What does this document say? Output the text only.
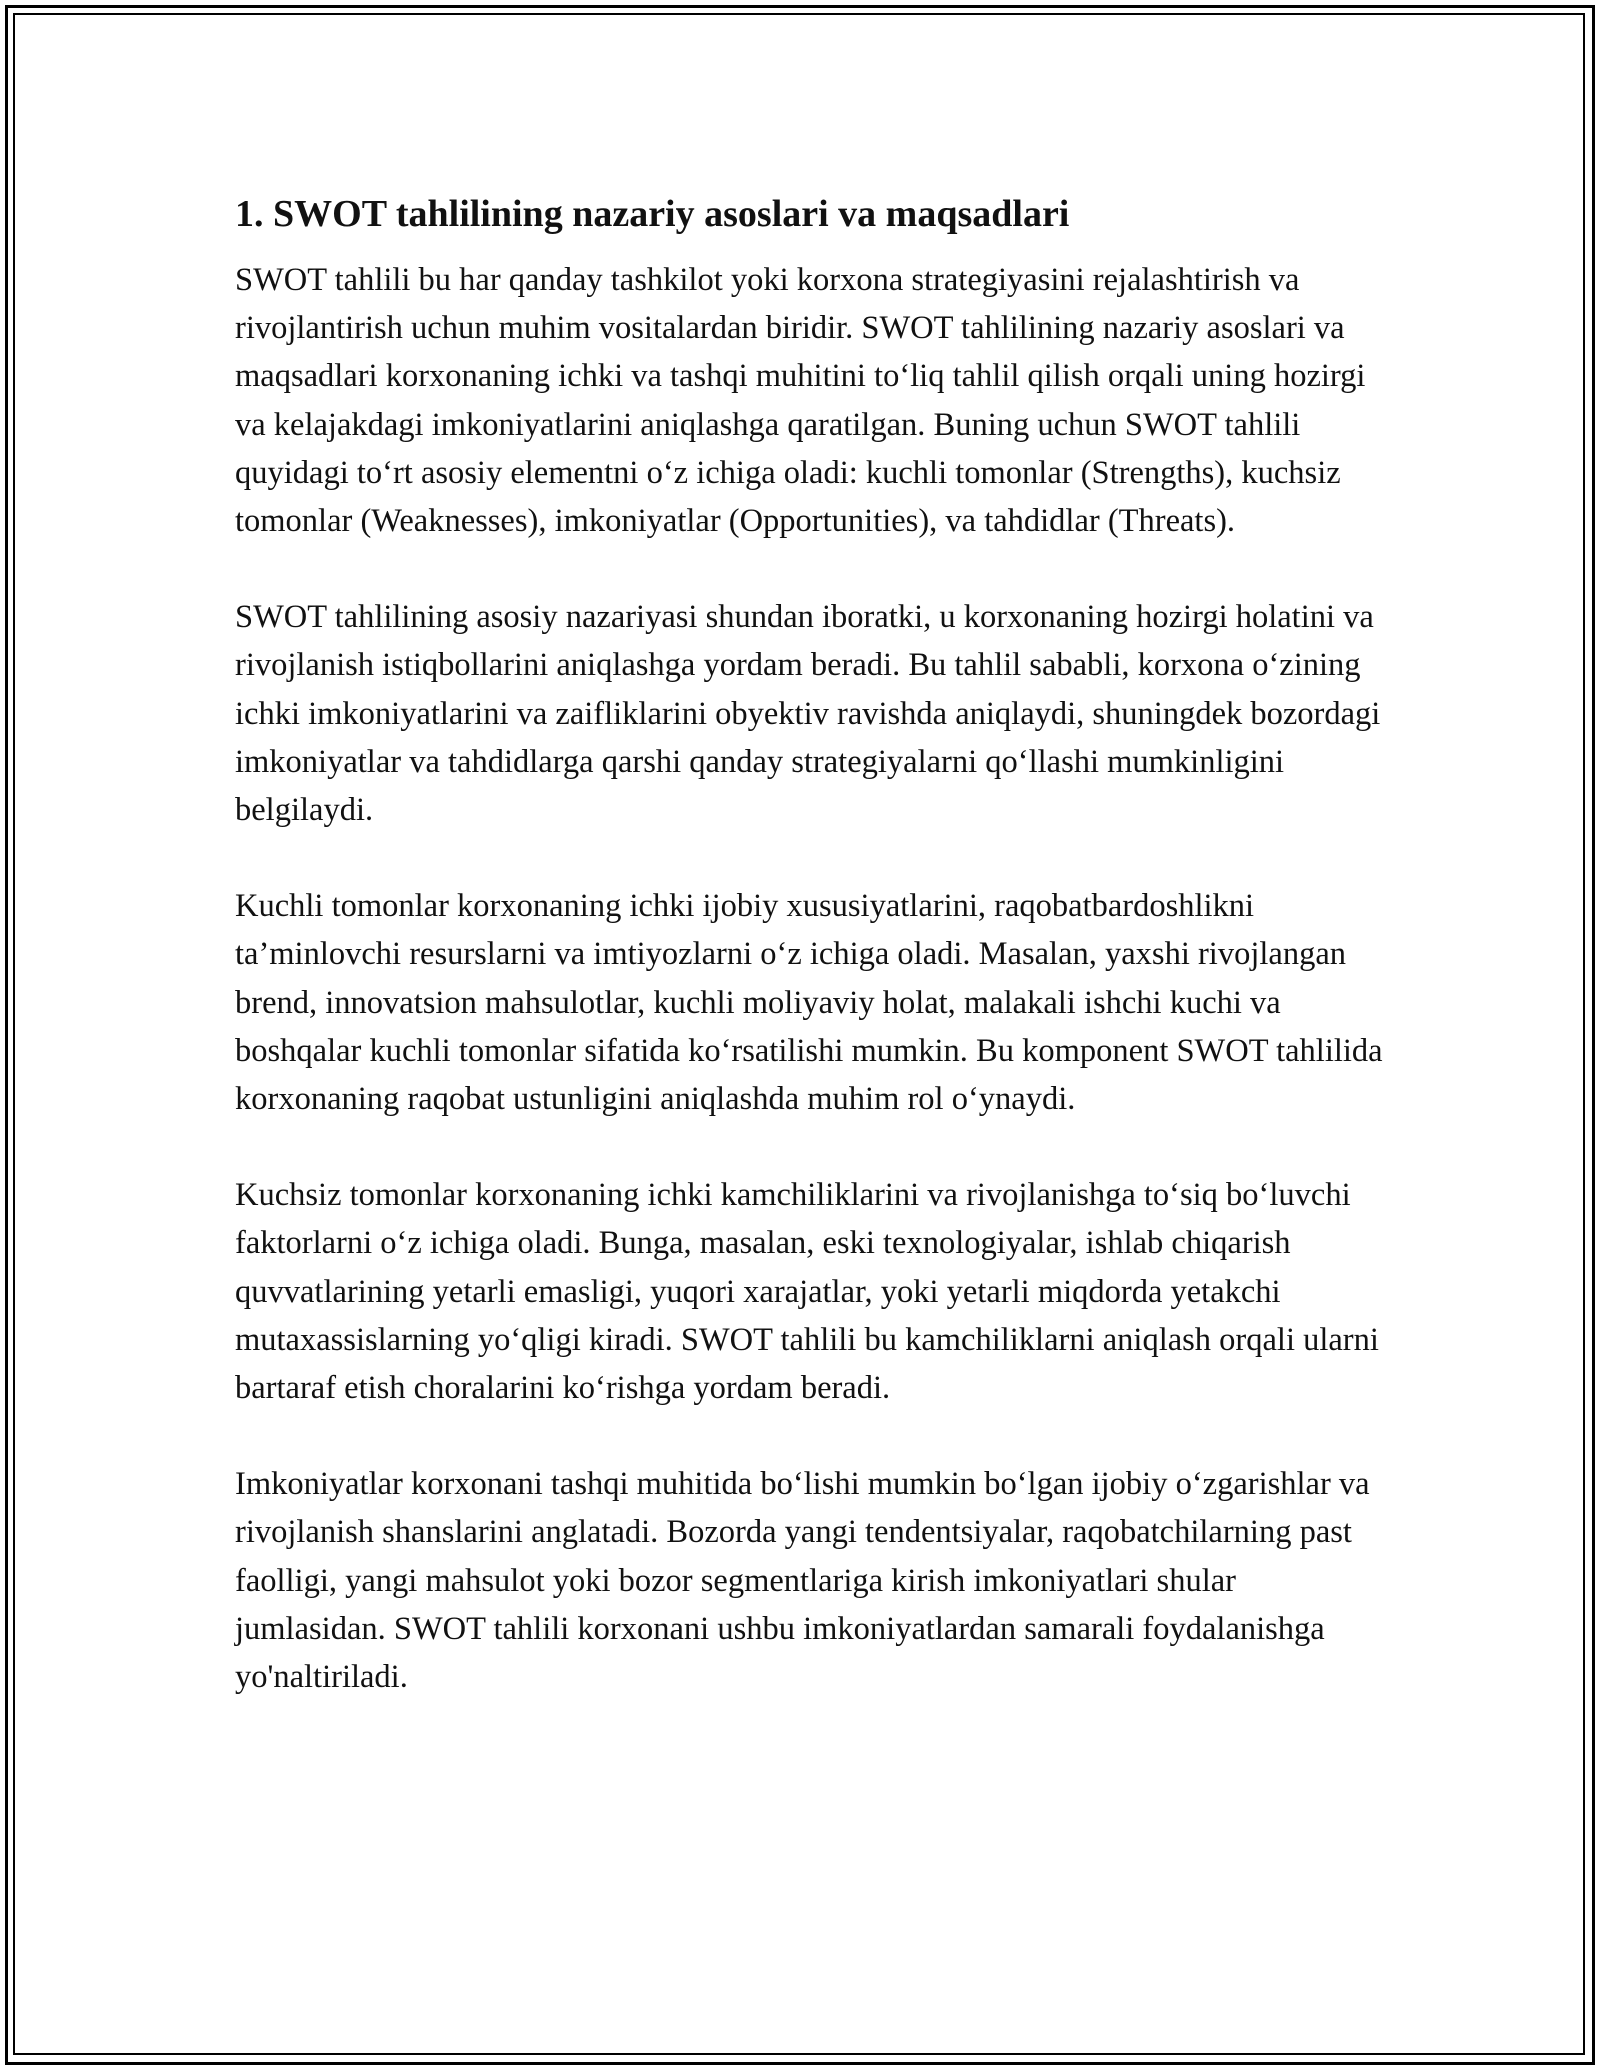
1. SWOT tahlilining nazariy asoslari va maqsadlari

SWOT tahlili bu har qanday tashkilot yoki korxona strategiyasini rejalashtirish va rivojlantirish uchun muhim vositalardan biridir. SWOT tahlilining nazariy asoslari va maqsadlari korxonaning ichki va tashqi muhitini to‘liq tahlil qilish orqali uning hozirgi va kelajakdagi imkoniyatlarini aniqlashga qaratilgan. Buning uchun SWOT tahlili quyidagi to‘rt asosiy elementni o‘z ichiga oladi: kuchli tomonlar (Strengths), kuchsiz tomonlar (Weaknesses), imkoniyatlar (Opportunities), va tahdidlar (Threats).

SWOT tahlilining asosiy nazariyasi shundan iboratki, u korxonaning hozirgi holatini va rivojlanish istiqbollarini aniqlashga yordam beradi. Bu tahlil sababli, korxona o‘zining ichki imkoniyatlarini va zaifliklarini obyektiv ravishda aniqlaydi, shuningdek bozordagi imkoniyatlar va tahdidlarga qarshi qanday strategiyalarni qo‘llashi mumkinligini belgilaydi.

Kuchli tomonlar korxonaning ichki ijobiy xususiyatlarini, raqobatbardoshlikni ta’minlovchi resurslarni va imtiyozlarni o‘z ichiga oladi. Masalan, yaxshi rivojlangan brend, innovatsion mahsulotlar, kuchli moliyaviy holat, malakali ishchi kuchi va boshqalar kuchli tomonlar sifatida ko‘rsatilishi mumkin. Bu komponent SWOT tahlilida korxonaning raqobat ustunligini aniqlashda muhim rol o‘ynaydi.

Kuchsiz tomonlar korxonaning ichki kamchiliklarini va rivojlanishga to‘siq bo‘luvchi faktorlarni o‘z ichiga oladi. Bunga, masalan, eski texnologiyalar, ishlab chiqarish quvvatlarining yetarli emasligi, yuqori xarajatlar, yoki yetarli miqdorda yetakchi mutaxassislarning yo‘qligi kiradi. SWOT tahlili bu kamchiliklarni aniqlash orqali ularni bartaraf etish choralarini ko‘rishga yordam beradi.

Imkoniyatlar korxonani tashqi muhitida bo‘lishi mumkin bo‘lgan ijobiy o‘zgarishlar va rivojlanish shanslarini anglatadi. Bozorda yangi tendentsiyalar, raqobatchilarning past faolligi, yangi mahsulot yoki bozor segmentlariga kirish imkoniyatlari shular jumlasidan. SWOT tahlili korxonani ushbu imkoniyatlardan samarali foydalanishga yo'naltiriladi.
